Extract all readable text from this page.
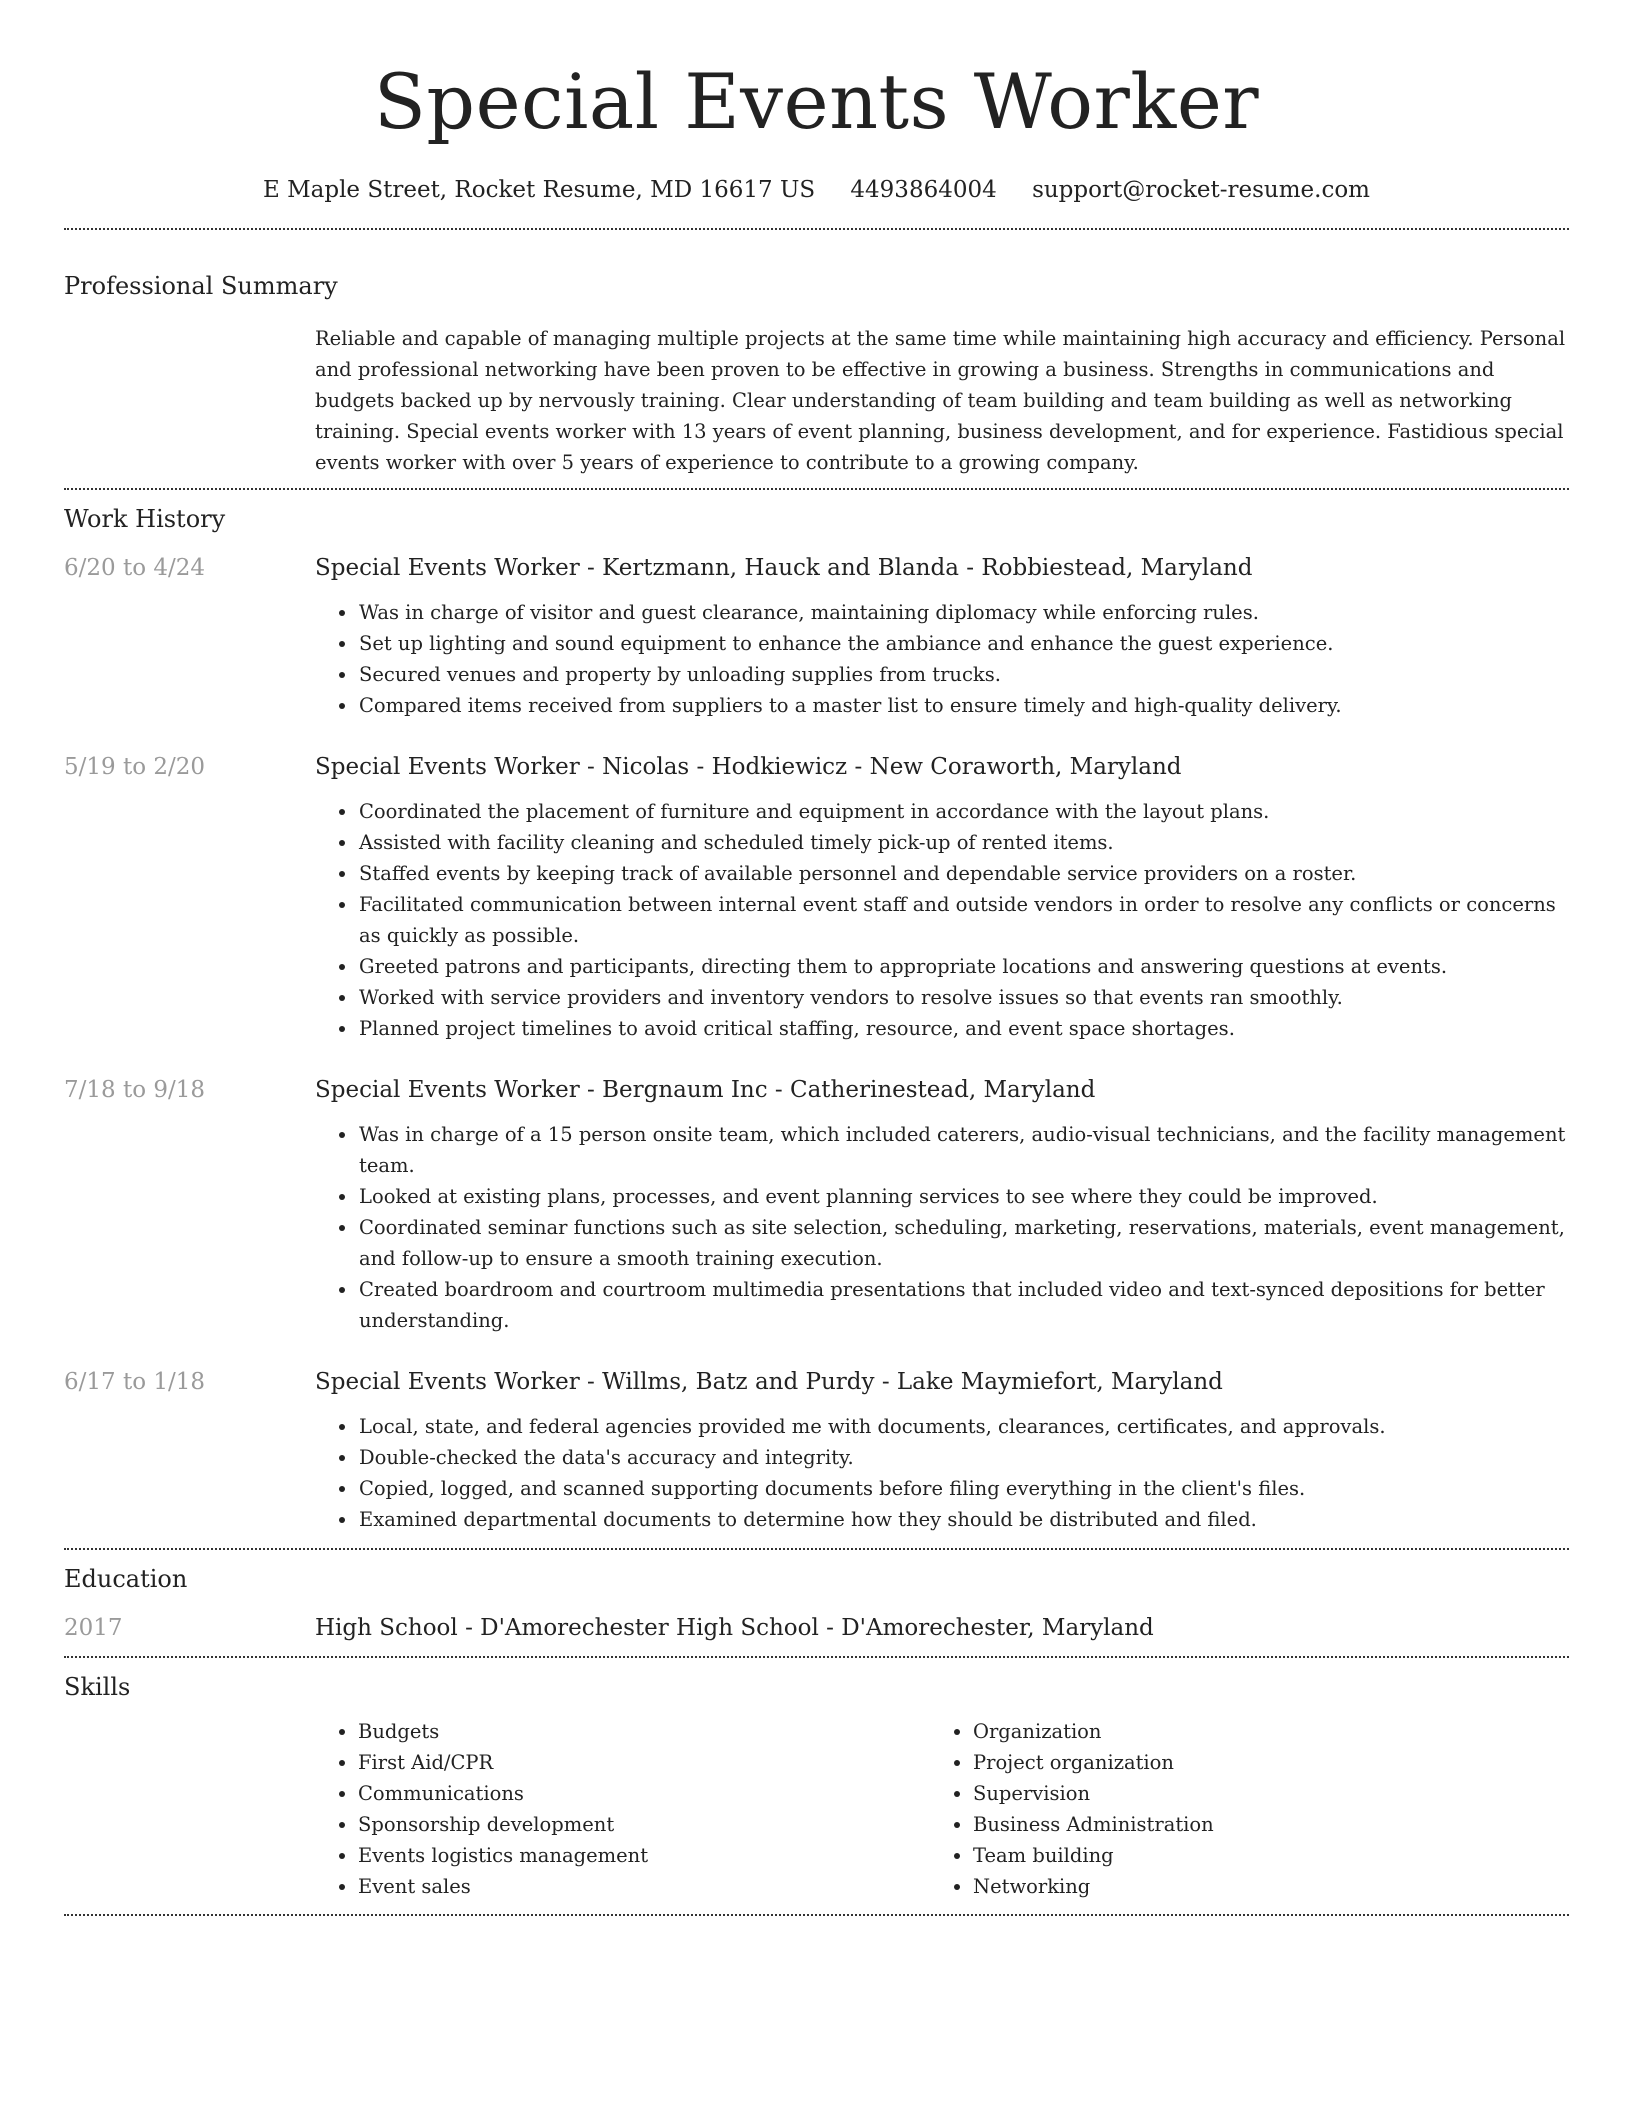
Special Events Worker
E Maple Street, Rocket Resume, MD 16617 US 4493864004 support@rocket-resume.com
Professional Summary

Reliable and capable of managing multiple projects at the same time while maintaining high accuracy and efficiency. Personal and professional networking have been proven to be effective in growing a business. Strengths in communications and budgets backed up by nervously training. Clear understanding of team building and team building as well as networking training. Special events worker with 13 years of event planning, business development, and for experience. Fastidious special events worker with over 5 years of experience to contribute to a growing company.

Work History
6/20 to 4/24	Special Events Worker - Kertzmann, Hauck and Blanda - Robbiestead, Maryland
• Was in charge of visitor and guest clearance, maintaining diplomacy while enforcing rules.
• Set up lighting and sound equipment to enhance the ambiance and enhance the guest experience.
• Secured venues and property by unloading supplies from trucks.
• Compared items received from suppliers to a master list to ensure timely and high-quality delivery.
5/19 to 2/20	Special Events Worker - Nicolas - Hodkiewicz - New Coraworth, Maryland
• Coordinated the placement of furniture and equipment in accordance with the layout plans.
• Assisted with facility cleaning and scheduled timely pick-up of rented items.
• Staffed events by keeping track of available personnel and dependable service providers on a roster.
• Facilitated communication between internal event staff and outside vendors in order to resolve any conflicts or concerns as quickly as possible.
• Greeted patrons and participants, directing them to appropriate locations and answering questions at events.
• Worked with service providers and inventory vendors to resolve issues so that events ran smoothly.
• Planned project timelines to avoid critical staffing, resource, and event space shortages.
7/18 to 9/18	Special Events Worker - Bergnaum Inc - Catherinestead, Maryland
• Was in charge of a 15 person onsite team, which included caterers, audio-visual technicians, and the facility management team.
• Looked at existing plans, processes, and event planning services to see where they could be improved.
• Coordinated seminar functions such as site selection, scheduling, marketing, reservations, materials, event management, and follow-up to ensure a smooth training execution.
• Created boardroom and courtroom multimedia presentations that included video and text-synced depositions for better understanding.
6/17 to 1/18	Special Events Worker - Willms, Batz and Purdy - Lake Maymiefort, Maryland
• Local, state, and federal agencies provided me with documents, clearances, certificates, and approvals.
• Double-checked the data's accuracy and integrity.
• Copied, logged, and scanned supporting documents before filing everything in the client's files.
• Examined departmental documents to determine how they should be distributed and filed.
Education
2017	High School - D'Amorechester High School - D'Amorechester, Maryland
Skills
• Budgets
• First Aid/CPR
• Communications
• Sponsorship development
• Events logistics management
• Event sales
• Organization
• Project organization
• Supervision
• Business Administration
• Team building
• Networking
